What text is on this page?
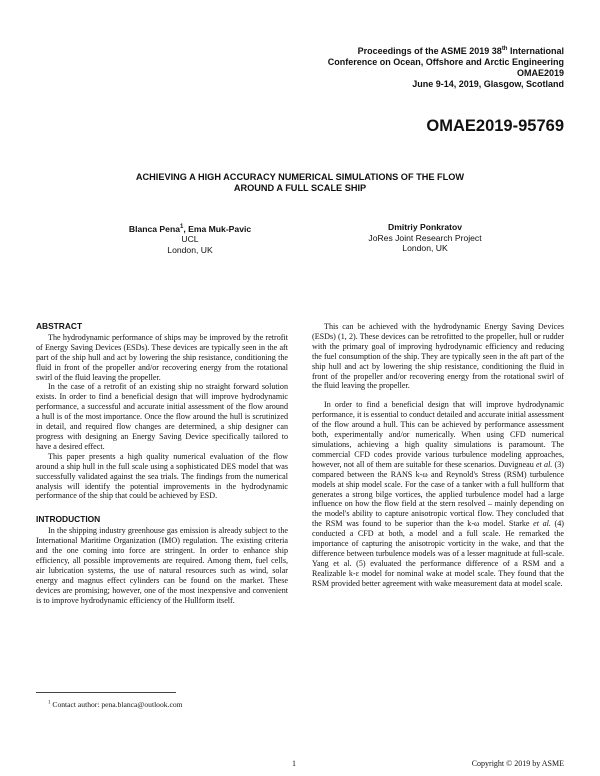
Proceedings of the ASME 2019 38th International
Conference on Ocean, Offshore and Arctic Engineering
OMAE2019
June 9-14, 2019, Glasgow, Scotland
OMAE2019-95769
ACHIEVING A HIGH ACCURACY NUMERICAL SIMULATIONS OF THE FLOW AROUND A FULL SCALE SHIP
Blanca Pena$^1$, Ema Muk-Pavic
UCL
London, UK
Dmitriy Ponkratov
JoRes Joint Research Project
London, UK
ABSTRACT

The hydrodynamic performance of ships may be improved by the retrofit of Energy Saving Devices (ESDs). These devices are typically seen in the aft part of the ship hull and act by lowering the ship resistance, conditioning the fluid in front of the propeller and/or recovering energy from the rotational swirl of the fluid leaving the propeller.

In the case of a retrofit of an existing ship no straight forward solution exists. In order to find a beneficial design that will improve hydrodynamic performance, a successful and accurate initial assessment of the flow around a hull is of the most importance. Once the flow around the hull is scrutinized in detail, and required flow changes are determined, a ship designer can progress with designing an Energy Saving Device specifically tailored to have a desired effect.

This paper presents a high quality numerical evaluation of the flow around a ship hull in the full scale using a sophisticated DES model that was successfully validated against the sea trials. The findings from the numerical analysis will identify the potential improvements in the hydrodynamic performance of the ship that could be achieved by ESD.

INTRODUCTION

In the shipping industry greenhouse gas emission is already subject to the International Maritime Organization (IMO) regulation. The existing criteria and the one coming into force are stringent. In order to enhance ship efficiency, all possible improvements are required. Among them, fuel cells, air lubrication systems, the use of natural resources such as wind, solar energy and magnus effect cylinders can be found on the market. These devices are promising; however, one of the most inexpensive and convenient is to improve hydrodynamic efficiency of the Hullform itself.

This can be achieved with the hydrodynamic Energy Saving Devices (ESDs) (1, 2). These devices can be retrofitted to the propeller, hull or rudder with the primary goal of improving hydrodynamic efficiency and reducing the fuel consumption of the ship. They are typically seen in the aft part of the ship hull and act by lowering the ship resistance, conditioning the fluid in front of the propeller and/or recovering energy from the rotational swirl of the fluid leaving the propeller.

In order to find a beneficial design that will improve hydrodynamic performance, it is essential to conduct detailed and accurate initial assessment of the flow around a hull. This can be achieved by performance assessment both, experimentally and/or numerically. When using CFD numerical simulations, achieving a high quality simulations is paramount. The commercial CFD codes provide various turbulence modeling approaches, however, not all of them are suitable for these scenarios. Duvigneau et al. (3) compared between the RANS k-ω and Reynold's Stress (RSM) turbulence models at ship model scale. For the case of a tanker with a full hullform that generates a strong bilge vortices, the applied turbulence model had a large influence on how the flow field at the stern resolved – mainly depending on the model's ability to capture anisotropic vortical flow. They concluded that the RSM was found to be superior than the k-ω model. Starke et al. (4) conducted a CFD at both, a model and a full scale. He remarked the importance of capturing the anisotropic vorticity in the wake, and that the difference between turbulence models was of a lesser magnitude at full-scale. Yang et al. (5) evaluated the performance difference of a RSM and a Realizable k-ε model for nominal wake at model scale. They found that the RSM provided better agreement with wake measurement data at model scale.

$^1$ Contact author: pena.blanca@outlook.com
1	Copyright © 2019 by ASME
